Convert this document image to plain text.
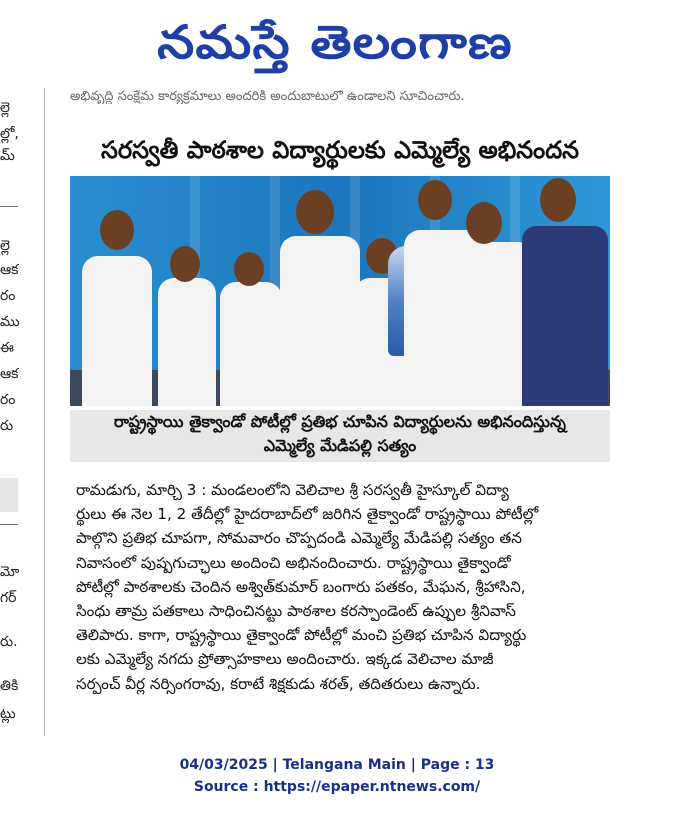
నమస్తే తెలంగాణ
అభివృద్ధి సంక్షేమ కార్యక్రమాలు అందరికీ అందుబాటులో ఉండాలని సూచించారు.
ల్లె
ల్లో,
మ్
ల్లె
ఆక
రం
ము
ఈ
ఆక
రం
రు
మో
గర్
రు.
తికి
ట్లు
సరస్వతీ పాఠశాల విద్యార్థులకు ఎమ్మెల్యే అభినందన
రాష్ట్రస్థాయి తైక్వాండో పోటీల్లో ప్రతిభ చూపిన విద్యార్థులను అభినందిస్తున్న
ఎమ్మెల్యే మేడిపల్లి సత్యం

రామడుగు, మార్చి 3 : మండలంలోని వెలిచాల శ్రీ సరస్వతీ హైస్కూల్ విద్యా

ర్థులు ఈ నెల 1, 2 తేదీల్లో హైదరాబాద్‌లో జరిగిన తైక్వాండో రాష్ట్రస్థాయి పోటీల్లో

పాల్గొని ప్రతిభ చూపగా, సోమవారం చొప్పదండి ఎమ్మెల్యే మేడిపల్లి సత్యం తన

నివాసంలో పుష్పగుచ్ఛాలు అందించి అభినందించారు. రాష్ట్రస్థాయి తైక్వాండో

పోటీల్లో పాఠశాలకు చెందిన అశ్విత్‌కుమార్ బంగారు పతకం, మేఘన, శ్రీహాసిని,

సింధు తామ్ర పతకాలు సాధించినట్టు పాఠశాల కరస్పాండెంట్ ఉప్పుల శ్రీనివాస్

తెలిపారు. కాగా, రాష్ట్రస్థాయి తైక్వాండో పోటీల్లో మంచి ప్రతిభ చూపిన విద్యార్థు

లకు ఎమ్మెల్యే నగదు ప్రోత్సాహకాలు అందించారు. ఇక్కడ వెలిచాల మాజీ

సర్పంచ్ వీర్ల నర్సింగరావు, కరాటే శిక్షకుడు శరత్, తదితరులు ఉన్నారు.

04/03/2025 | Telangana Main | Page : 13
Source : https://epaper.ntnews.com/
